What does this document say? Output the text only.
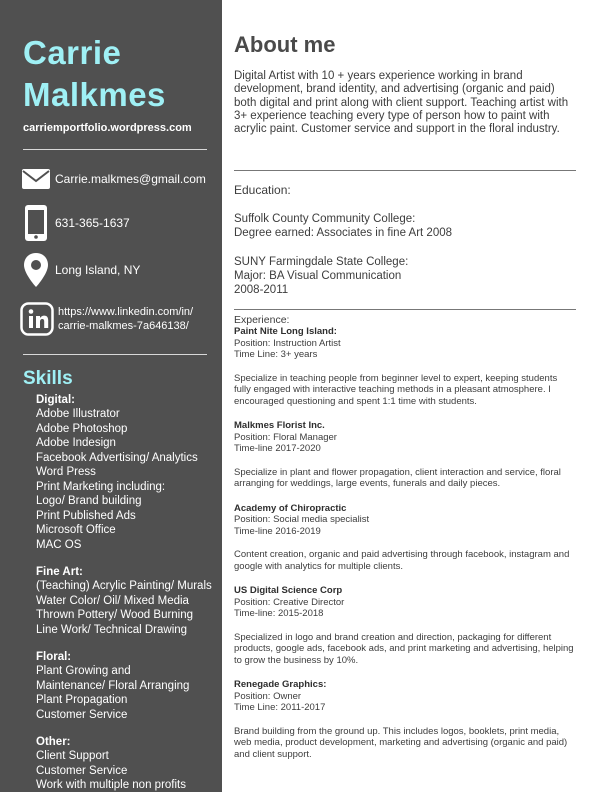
Carrie Malkmes
carriemportfolio.wordpress.com
Carrie.malkmes@gmail.com
631-365-1637
Long Island, NY
https://www.linkedin.com/in/
carrie-malkmes-7a646138/
Skills
Digital:
Adobe Illustrator
Adobe Photoshop
Adobe Indesign
Facebook Advertising/ Analytics
Word Press
Print Marketing including:
Logo/ Brand building
Print Published Ads
Microsoft Office
MAC OS
Fine Art:
(Teaching) Acrylic Painting/ Murals
Water Color/ Oil/ Mixed Media
Thrown Pottery/ Wood Burning
Line Work/ Technical Drawing
Floral:
Plant Growing and
Maintenance/ Floral Arranging
Plant Propagation
Customer Service
Other:
Client Support
Customer Service
Work with multiple non profits
About me
Digital Artist with 10 + years experience working in brand development, brand identity, and advertising (organic and paid) both digital and print along with client support. Teaching artist with 3+ experience teaching every type of person how to paint with acrylic paint. Customer service and support in the floral industry.
Education:
Suffolk County Community College:
Degree earned: Associates in fine Art 2008
SUNY Farmingdale State College:
Major: BA Visual Communication
2008-2011
Experience:
Paint Nite Long Island:
Position: Instruction Artist
Time Line: 3+ years
Specialize in teaching people from beginner level to expert, keeping students fully engaged with interactive teaching methods in a pleasant atmosphere. I encouraged questioning and spent 1:1 time with students.
Malkmes Florist Inc.
Position: Floral Manager
Time-line 2017-2020
Specialize in plant and flower propagation, client interaction and service, floral arranging for weddings, large events, funerals and daily pieces.
Academy of Chiropractic
Position: Social media specialist
Time-line 2016-2019
Content creation, organic and paid advertising through facebook, instagram and google with analytics for multiple clients.
US Digital Science Corp
Position: Creative Director
Time-line: 2015-2018
Specialized in logo and brand creation and direction, packaging for different products, google ads, facebook ads, and print marketing and advertising, helping to grow the business by 10%.
Renegade Graphics:
Position: Owner
Time Line: 2011-2017
Brand building from the ground up. This includes logos, booklets, print media, web media, product development, marketing and advertising (organic and paid) and client support.
